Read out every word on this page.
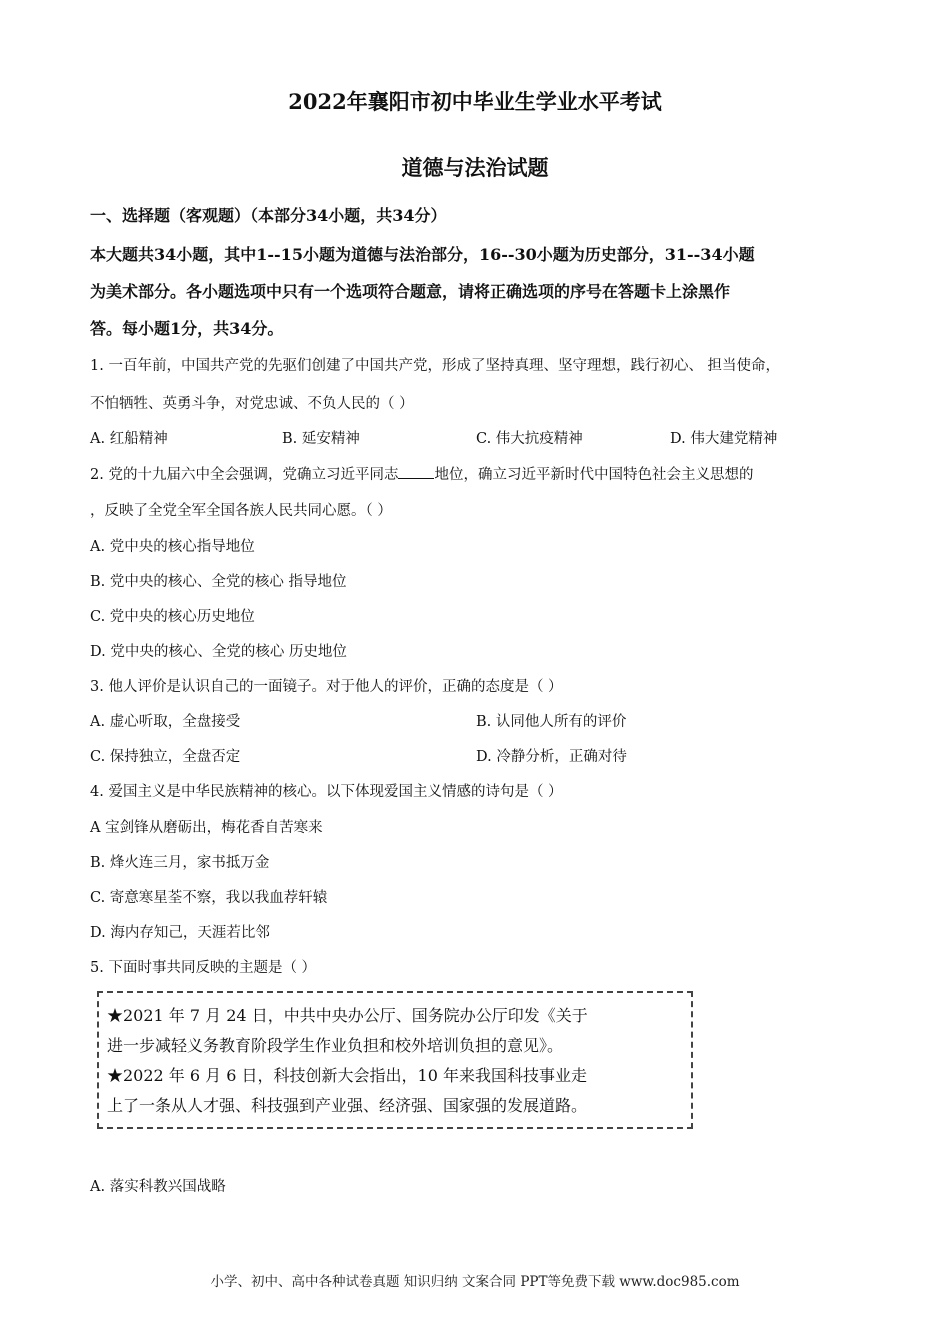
2022年襄阳市初中毕业生学业水平考试
道德与法治试题
一、选择题（客观题）（本部分34小题，共34分）
本大题共34小题，其中1--15小题为道德与法治部分，16--30小题为历史部分，31--34小题
为美术部分。各小题选项中只有一个选项符合题意，请将正确选项的序号在答题卡上涂黑作
答。每小题1分，共34分。
1. 一百年前，中国共产党的先驱们创建了中国共产党，形成了坚持真理、坚守理想，践行初心、 担当使命，
不怕牺牲、英勇斗争，对党忠诚、不负人民的（ ）
A. 红船精神	B. 延安精神	C. 伟大抗疫精神	D. 伟大建党精神
2. 党的十九届六中全会强调，党确立习近平同志 地位，确立习近平新时代中国特色社会主义思想的
，反映了全党全军全国各族人民共同心愿。（ ）
A. 党中央的核心指导地位
B. 党中央的核心、全党的核心 指导地位
C. 党中央的核心历史地位
D. 党中央的核心、全党的核心 历史地位
3. 他人评价是认识自己的一面镜子。对于他人的评价，正确的态度是（ ）
A. 虚心听取，全盘接受	B. 认同他人所有的评价
C. 保持独立，全盘否定	D. 冷静分析，正确对待
4. 爱国主义是中华民族精神的核心。以下体现爱国主义情感的诗句是（ ）
A 宝剑锋从磨砺出，梅花香自苦寒来
B. 烽火连三月，家书抵万金
C. 寄意寒星荃不察，我以我血荐轩辕
D. 海内存知己，天涯若比邻
5. 下面时事共同反映的主题是（ ）
★2021 年 7 月 24 日，中共中央办公厅、国务院办公厅印发《关于
进一步减轻义务教育阶段学生作业负担和校外培训负担的意见》。
★2022 年 6 月 6 日，科技创新大会指出，10 年来我国科技事业走
上了一条从人才强、科技强到产业强、经济强、国家强的发展道路。
A. 落实科教兴国战略
小学、初中、高中各种试卷真题 知识归纳 文案合同 PPT等免费下载 www.doc985.com
